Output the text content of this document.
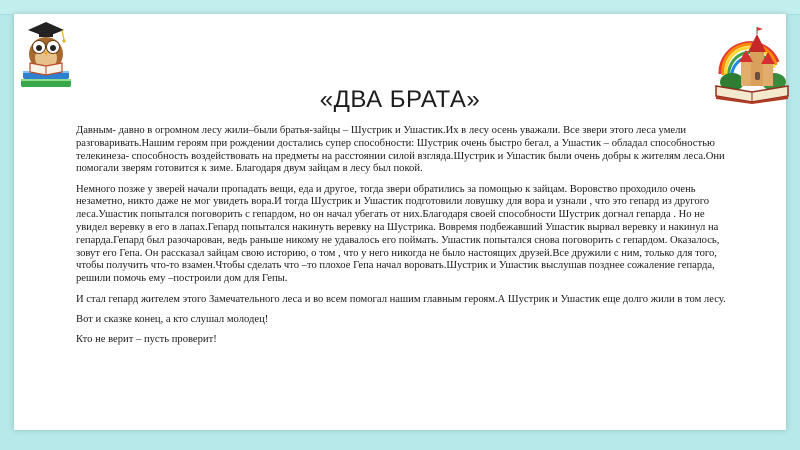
«ДВА БРАТА»

Давным- давно в огромном лесу жили–были братья-зайцы – Шустрик и Ушастик.Их в лесу осень уважали. Все звери этого леса умели разговаривать.Нашим героям при рождении достались супер способности: Шустрик очень быстро бегал, а Ушастик – обладал способностью телекинеза- способность воздействовать на предметы на расстоянии силой взгляда.Шустрик и Ушастик были очень добры к жителям леса.Они помогали зверям готовится к зиме. Благодаря двум зайцам в лесу был покой.

Немного позже у зверей начали пропадать вещи, еда и другое, тогда звери обратились за помощью к зайцам. Воровство проходило очень незаметно, никто даже не мог увидеть вора.И тогда Шустрик и Ушастик подготовили ловушку для вора и узнали , что это гепард из другого леса.Ушастик попытался поговорить с гепардом, но он начал убегать от них.Благодаря своей способности Шустрик догнал гепарда . Но не увидел веревку в его в лапах.Гепард попытался накинуть веревку на Шустрика. Вовремя подбежавший Ушастик вырвал веревку и накинул на гепарда.Гепард был разочарован, ведь раньше никому не удавалось его поймать. Ушастик попытался снова поговорить с гепардом. Оказалось, зовут его Гепа. Он рассказал зайцам свою историю, о том , что у него никогда не было настоящих друзей.Все дружили с ним, только для того, чтобы получить что-то взамен.Чтобы сделать что –то плохое Гепа начал воровать.Шустрик и Ушастик выслушав позднее сожаление гепарда, решили помочь ему –построили дом для Гепы.

И стал гепард жителем этого Замечательного леса и во всем помогал нашим главным героям.А Шустрик и Ушастик еще долго жили в том лесу.

Вот и сказке конец, а кто слушал молодец!

Кто не верит – пусть проверит!
